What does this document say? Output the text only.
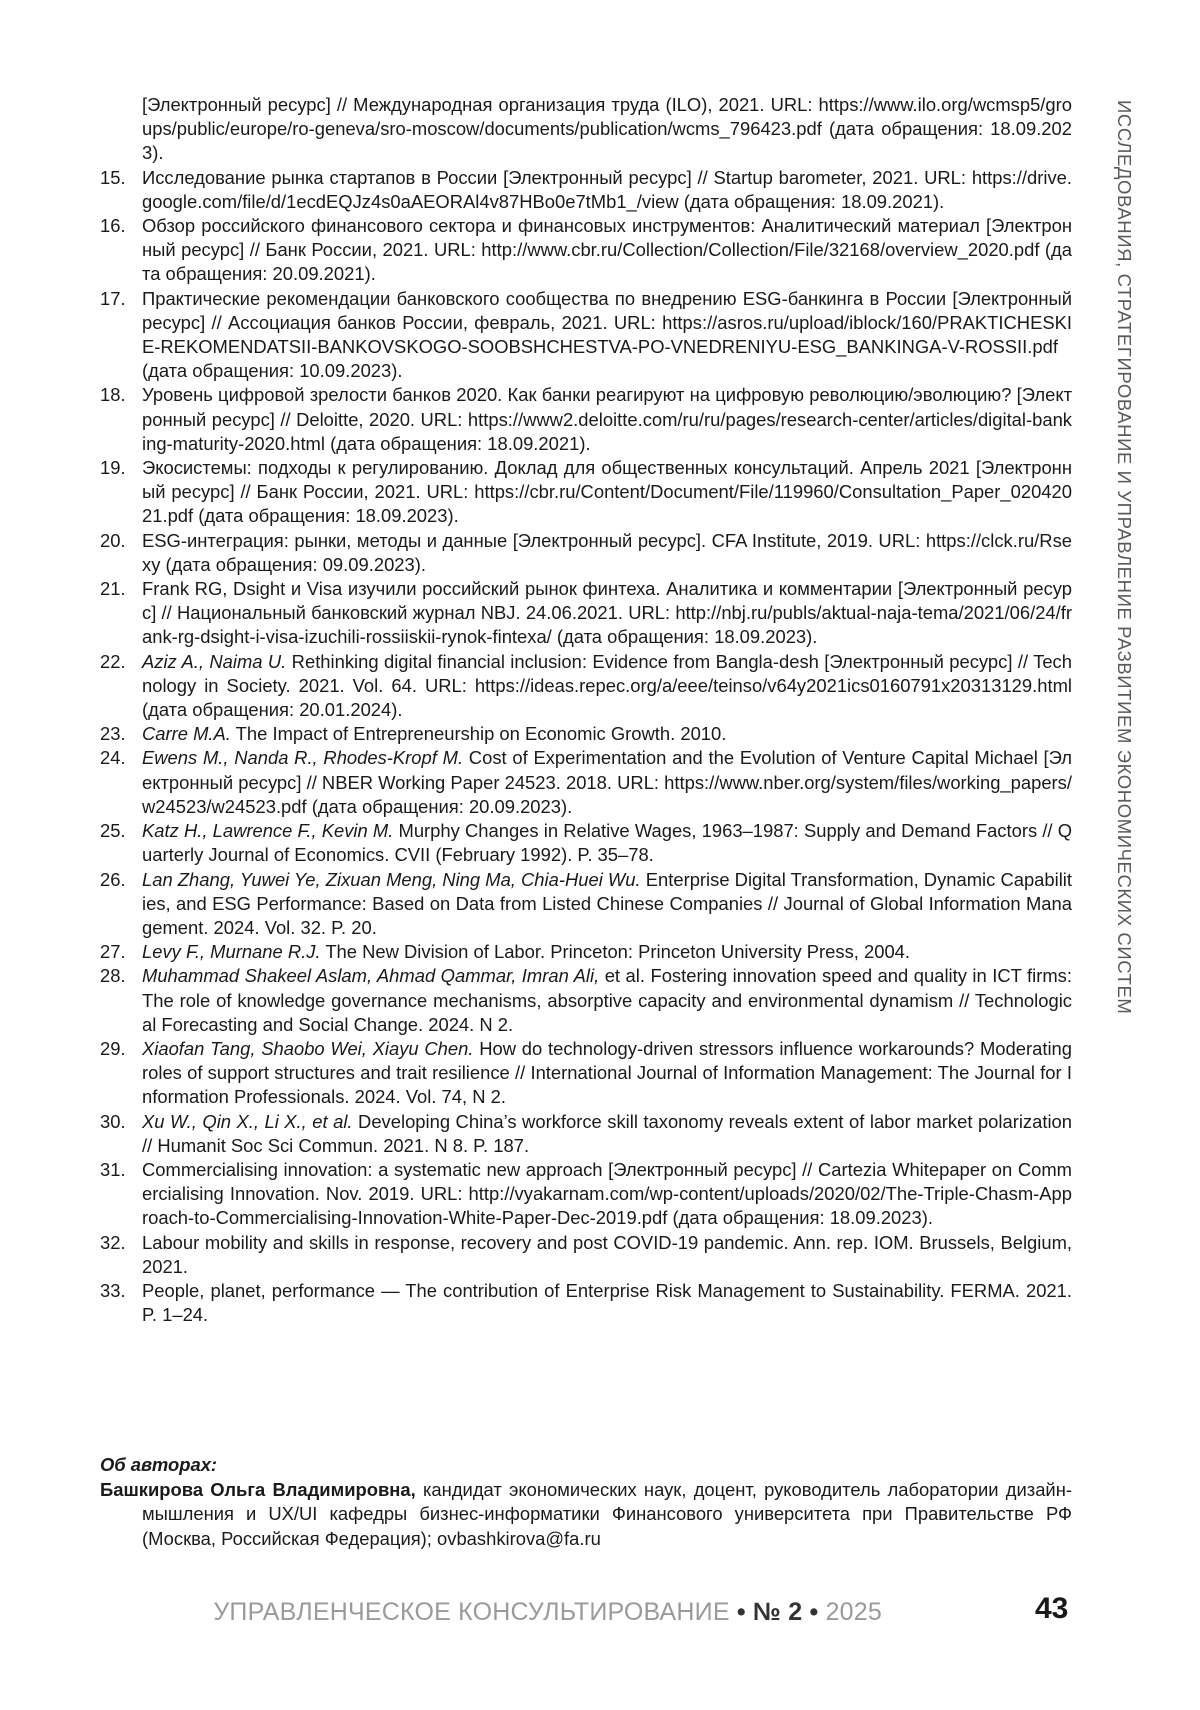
[Электронный ресурс] // Международная организация труда (ILO), 2021. URL: https://www.ilo.org/wcmsp5/groups/public/europe/ro-geneva/sro-moscow/documents/publication/wcms_796423.pdf (дата обращения: 18.09.2023).
15. Исследование рынка стартапов в России [Электронный ресурс] // Startup barometer, 2021. URL: https://drive.google.com/file/d/1ecdEQJz4s0aAEORAl4v87HBo0e7tMb1_/view (дата обращения: 18.09.2021).
16. Обзор российского финансового сектора и финансовых инструментов: Аналитический материал [Электронный ресурс] // Банк России, 2021. URL: http://www.cbr.ru/Collection/Collection/File/32168/overview_2020.pdf (дата обращения: 20.09.2021).
17. Практические рекомендации банковского сообщества по внедрению ESG-банкинга в России [Электронный ресурс] // Ассоциация банков России, февраль, 2021. URL: https://asros.ru/upload/iblock/160/PRAKTICHESKIE-REKOMENDATSII-BANKOVSKOGO-SOOBSHCHESTVA-PO-VNEDRENIYU-ESG_BANKINGA-V-ROSSII.pdf (дата обращения: 10.09.2023).
18. Уровень цифровой зрелости банков 2020. Как банки реагируют на цифровую революцию/эволюцию? [Электронный ресурс] // Deloitte, 2020. URL: https://www2.deloitte.com/ru/ru/pages/research-center/articles/digital-banking-maturity-2020.html (дата обращения: 18.09.2021).
19. Экосистемы: подходы к регулированию. Доклад для общественных консультаций. Апрель 2021 [Электронный ресурс] // Банк России, 2021. URL: https://cbr.ru/Content/Document/File/119960/Consultation_Paper_02042021.pdf (дата обращения: 18.09.2023).
20. ESG-интеграция: рынки, методы и данные [Электронный ресурс]. CFA Institute, 2019. URL: https://clck.ru/Rsexy (дата обращения: 09.09.2023).
21. Frank RG, Dsight и Visa изучили российский рынок финтеха. Аналитика и комментарии [Электронный ресурс] // Национальный банковский журнал NBJ. 24.06.2021. URL: http://nbj.ru/publs/aktual-naja-tema/2021/06/24/frank-rg-dsight-i-visa-izuchili-rossiiskii-rynok-fintexa/ (дата обращения: 18.09.2023).
22. Aziz A., Naima U. Rethinking digital financial inclusion: Evidence from Bangla-desh [Электронный ресурс] // Technology in Society. 2021. Vol. 64. URL: https://ideas.repec.org/a/eee/teinso/v64y2021ics0160791x20313129.html (дата обращения: 20.01.2024).
23. Carre M.A. The Impact of Entrepreneurship on Economic Growth. 2010.
24. Ewens M., Nanda R., Rhodes-Kropf M. Cost of Experimentation and the Evolution of Venture Capital Michael [Электронный ресурс] // NBER Working Paper 24523. 2018. URL: https://www.nber.org/system/files/working_papers/w24523/w24523.pdf (дата обращения: 20.09.2023).
25. Katz H., Lawrence F., Kevin M. Murphy Changes in Relative Wages, 1963–1987: Supply and Demand Factors // Quarterly Journal of Economics. CVII (February 1992). P. 35–78.
26. Lan Zhang, Yuwei Ye, Zixuan Meng, Ning Ma, Chia-Huei Wu. Enterprise Digital Transformation, Dynamic Capabilities, and ESG Performance: Based on Data from Listed Chinese Companies // Journal of Global Information Management. 2024. Vol. 32. P. 20.
27. Levy F., Murnane R.J. The New Division of Labor. Princeton: Princeton University Press, 2004.
28. Muhammad Shakeel Aslam, Ahmad Qammar, Imran Ali, et al. Fostering innovation speed and quality in ICT firms: The role of knowledge governance mechanisms, absorptive capacity and environmental dynamism // Technological Forecasting and Social Change. 2024. N 2.
29. Xiaofan Tang, Shaobo Wei, Xiayu Chen. How do technology-driven stressors influence workarounds? Moderating roles of support structures and trait resilience // International Journal of Information Management: The Journal for Information Professionals. 2024. Vol. 74, N 2.
30. Xu W., Qin X., Li X., et al. Developing China’s workforce skill taxonomy reveals extent of labor market polarization // Humanit Soc Sci Commun. 2021. N 8. P. 187.
31. Commercialising innovation: a systematic new approach [Электронный ресурс] // Cartezia Whitepaper on Commercialising Innovation. Nov. 2019. URL: http://vyakarnam.com/wp-content/uploads/2020/02/The-Triple-Chasm-Approach-to-Commercialising-Innovation-White-Paper-Dec-2019.pdf (дата обращения: 18.09.2023).
32. Labour mobility and skills in response, recovery and post COVID-19 pandemic. Ann. rep. IOM. Brussels, Belgium, 2021.
33. People, planet, performance — The contribution of Enterprise Risk Management to Sustainability. FERMA. 2021. P. 1–24.
Об авторах:
Башкирова Ольга Владимировна, кандидат экономических наук, доцент, руководитель лаборатории дизайн-мышления и UX/UI кафедры бизнес-информатики Финансового университета при Правительстве РФ (Москва, Российская Федерация); ovbashkirova@fa.ru
ИССЛЕДОВАНИЯ, СТРАТЕГИРОВАНИЕ И УПРАВЛЕНИЕ РАЗВИТИЕМ ЭКОНОМИЧЕСКИХ СИСТЕМ
УПРАВЛЕНЧЕСКОЕ КОНСУЛЬТИРОВАНИЕ • № 2 • 2025	43
